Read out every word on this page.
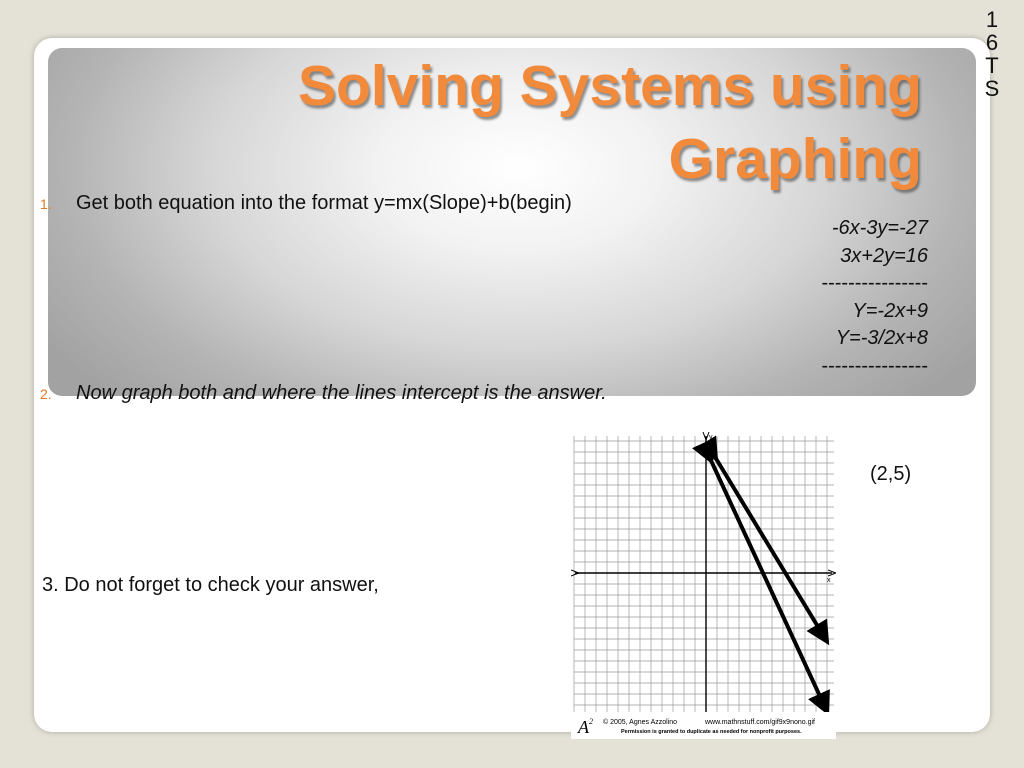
1
6
T
S
Solving Systems using
Graphing
1. Get both equation into the format y=mx(Slope)+b(begin)
-6x-3y=-27
3x+2y=16
----------------
Y=-2x+9
Y=-3/2x+8
----------------
2. Now graph both and where the lines intercept is the answer.
3. Do not forget to check your answer,
(2,5)
x
y
$A^2$ © 2005, Agnes Azzolino	www.mathnstuff.com/gif9x9nono.gif
Permission is granted to duplicate as needed for nonprofit purposes.
